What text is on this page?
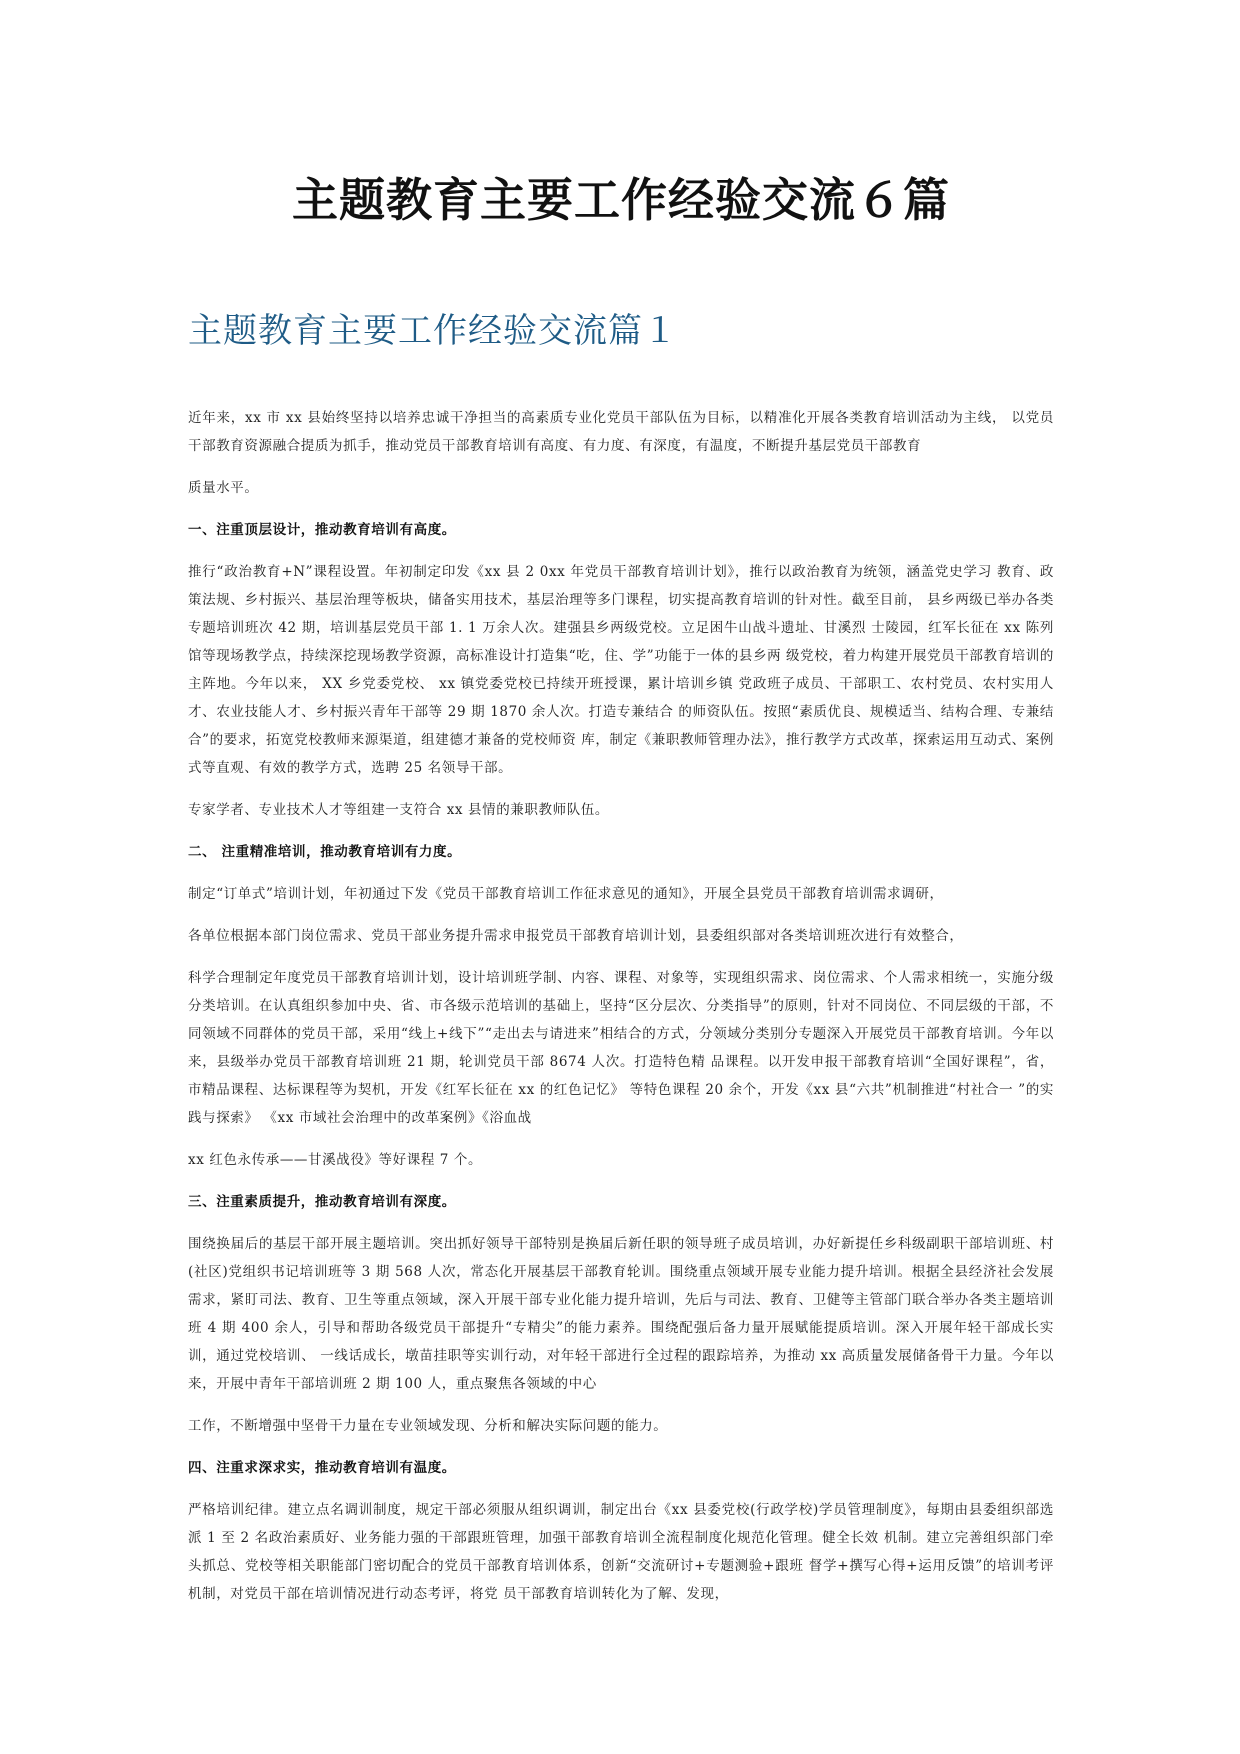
主题教育主要工作经验交流６篇
主题教育主要工作经验交流篇１

近年来，xx 市 xx 县始终坚持以培养忠诚干净担当的高素质专业化党员干部队伍为目标，以精准化开展各类教育培训活动为主线， 以党员干部教育资源融合提质为抓手，推动党员干部教育培训有高度、有力度、有深度，有温度，不断提升基层党员干部教育

质量水平。

一、注重顶层设计，推动教育培训有高度。

推行“政治教育+N”课程设置。年初制定印发《xx 县 2 0xx 年党员干部教育培训计划》，推行以政治教育为统领，涵盖党史学习 教育、政策法规、乡村振兴、基层治理等板块，储备实用技术，基层治理等多门课程，切实提高教育培训的针对性。截至目前， 县乡两级已举办各类专题培训班次 42 期，培训基层党员干部 1. 1 万余人次。建强县乡两级党校。立足困牛山战斗遗址、甘溪烈 士陵园，红军长征在 xx 陈列馆等现场教学点，持续深挖现场教学资源，高标准设计打造集“吃，住、学”功能于一体的县乡两 级党校，着力构建开展党员干部教育培训的主阵地。今年以来， XX 乡党委党校、 xx 镇党委党校已持续开班授课，累计培训乡镇 党政班子成员、干部职工、农村党员、农村实用人才、农业技能人才、乡村振兴青年干部等 29 期 1870 余人次。打造专兼结合 的师资队伍。按照“素质优良、规模适当、结构合理、专兼结合”的要求，拓宽党校教师来源渠道，组建德才兼备的党校师资 库，制定《兼职教师管理办法》，推行教学方式改革，探索运用互动式、案例式等直观、有效的教学方式，选聘 25 名领导干部。

专家学者、专业技术人才等组建一支符合 xx 县情的兼职教师队伍。

二、 注重精准培训，推动教育培训有力度。

制定“订单式”培训计划，年初通过下发《党员干部教育培训工作征求意见的通知》，开展全县党员干部教育培训需求调研，

各单位根据本部门岗位需求、党员干部业务提升需求申报党员干部教育培训计划，县委组织部对各类培训班次进行有效整合，

科学合理制定年度党员干部教育培训计划，设计培训班学制、内容、课程、对象等，实现组织需求、岗位需求、个人需求相统一，实施分级分类培训。在认真组织参加中央、省、市各级示范培训的基础上，坚持“区分层次、分类指导”的原则，针对不同岗位、不同层级的干部，不同领域不同群体的党员干部，采用“线上+线下”“走出去与请进来”相结合的方式，分领域分类别分专题深入开展党员干部教育培训。今年以来，县级举办党员干部教育培训班 21 期，轮训党员干部 8674 人次。打造特色精 品课程。以开发申报干部教育培训“全国好课程”，省，市精品课程、达标课程等为契机，开发《红军长征在 xx 的红色记忆》 等特色课程 20 余个，开发《xx 县“六共”机制推进“村社合一 ”的实践与探索》 《xx 市域社会治理中的改革案例》《浴血战

xx 红色永传承——甘溪战役》等好课程 7 个。

三、注重素质提升，推动教育培训有深度。

围绕换届后的基层干部开展主题培训。突出抓好领导干部特别是换届后新任职的领导班子成员培训，办好新提任乡科级副职干部培训班、村(社区)党组织书记培训班等 3 期 568 人次，常态化开展基层干部教育轮训。围绕重点领域开展专业能力提升培训。根据全县经济社会发展需求，紧盯司法、教育、卫生等重点领域，深入开展干部专业化能力提升培训，先后与司法、教育、卫健等主管部门联合举办各类主题培训班 4 期 400 余人，引导和帮助各级党员干部提升“专精尖”的能力素养。围绕配强后备力量开展赋能提质培训。深入开展年轻干部成长实训，通过党校培训、 一线话成长，墩苗挂职等实训行动，对年轻干部进行全过程的跟踪培养，为推动 xx 高质量发展储备骨干力量。今年以来，开展中青年干部培训班 2 期 100 人，重点聚焦各领域的中心

工作，不断增强中坚骨干力量在专业领域发现、分析和解决实际问题的能力。

四、注重求深求实，推动教育培训有温度。

严格培训纪律。建立点名调训制度，规定干部必须服从组织调训，制定出台《xx 县委党校(行政学校)学员管理制度》，每期由县委组织部选派 1 至 2 名政治素质好、业务能力强的干部跟班管理，加强干部教育培训全流程制度化规范化管理。健全长效 机制。建立完善组织部门牵头抓总、党校等相关职能部门密切配合的党员干部教育培训体系，创新“交流研讨+专题测验+跟班 督学+撰写心得+运用反馈”的培训考评机制，对党员干部在培训情况进行动态考评，将党 员干部教育培训转化为了解、发现，
